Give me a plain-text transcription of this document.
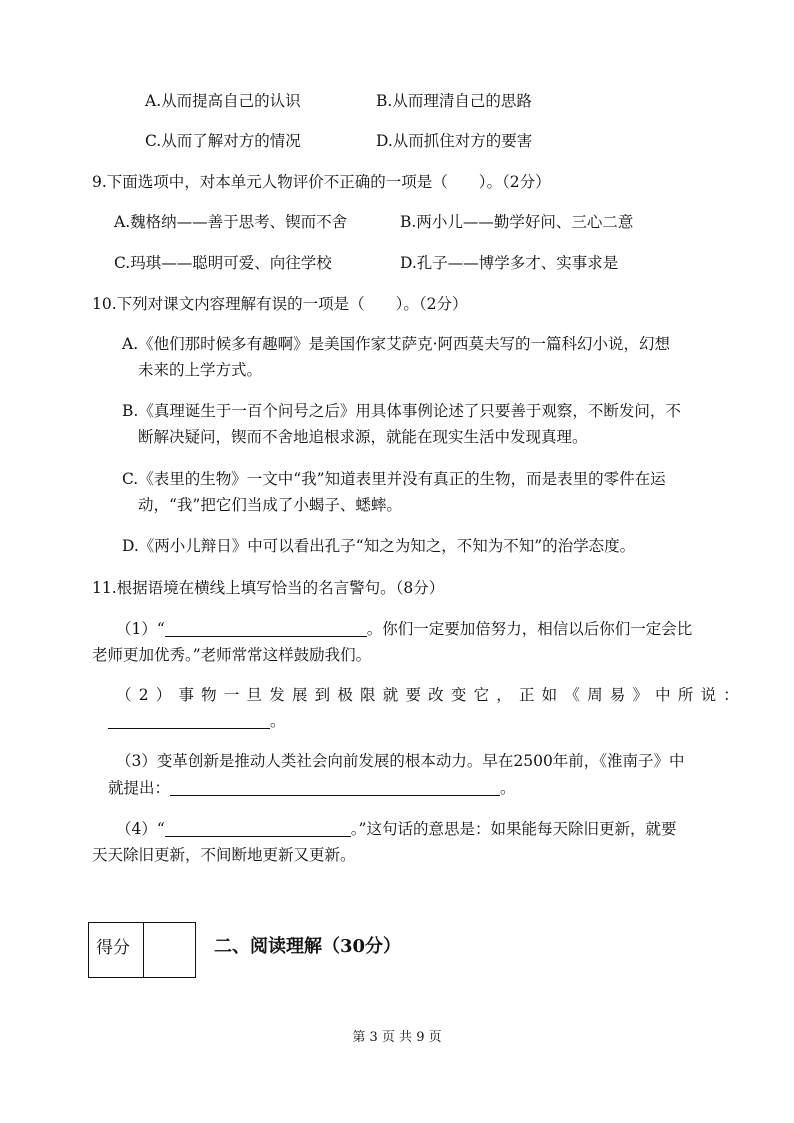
A.从而提高自己的认识	B.从而理清自己的思路
C.从而了解对方的情况	D.从而抓住对方的要害
9.下面选项中，对本单元人物评价不正确的一项是（　　）。（2分）
A.魏格纳——善于思考、锲而不舍	B.两小儿——勤学好问、三心二意
C.玛琪——聪明可爱、向往学校	D.孔子——博学多才、实事求是
10.下列对课文内容理解有误的一项是（　　）。（2分）
A.《他们那时候多有趣啊》是美国作家艾萨克·阿西莫夫写的一篇科幻小说，幻想
未来的上学方式。
B.《真理诞生于一百个问号之后》用具体事例论述了只要善于观察，不断发问，不
断解决疑问，锲而不舍地追根求源，就能在现实生活中发现真理。
C.《表里的生物》一文中“我”知道表里并没有真正的生物，而是表里的零件在运
动，“我”把它们当成了小蝎子、蟋蟀。
D.《两小儿辩日》中可以看出孔子“知之为知之，不知为不知”的治学态度。
11.根据语境在横线上填写恰当的名言警句。（8分）
（1）“	。你们一定要加倍努力，相信以后你们一定会比
老师更加优秀。”老师常常这样鼓励我们。
（2）事物一旦发展到极限就要改变它，正如《周易》中所说：
。
（3）变革创新是推动人类社会向前发展的根本动力。早在2500年前，《淮南子》中
就提出：	。
（4）“	。”这句话的意思是：如果能每天除旧更新，就要
天天除旧更新，不间断地更新又更新。
得分	二、阅读理解（30分）
第 3 页 共 9 页
